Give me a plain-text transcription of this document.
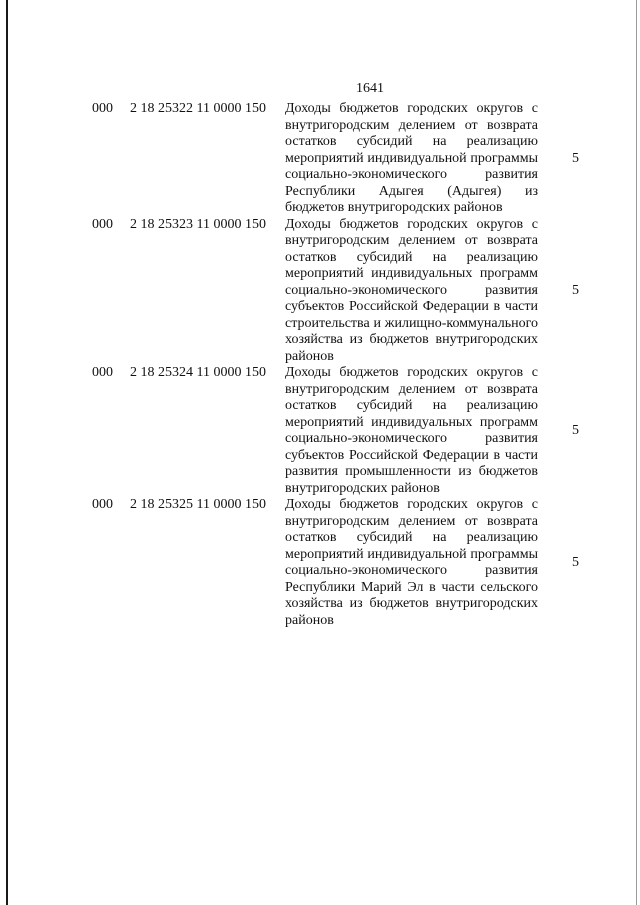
1641
000 2 18 25322 11 0000 150 Доходы бюджетов городских округов с внутригородским делением от возврата остатков субсидий на реализацию мероприятий индивидуальной программы социально-экономического развития Республики Адыгея (Адыгея) из бюджетов внутригородских районов
5
000 2 18 25323 11 0000 150 Доходы бюджетов городских округов с внутригородским делением от возврата остатков субсидий на реализацию мероприятий индивидуальных программ социально-экономического развития субъектов Российской Федерации в части строительства и жилищно-коммунального хозяйства из бюджетов внутригородских районов
5
000 2 18 25324 11 0000 150 Доходы бюджетов городских округов с внутригородским делением от возврата остатков субсидий на реализацию мероприятий индивидуальных программ социально-экономического развития субъектов Российской Федерации в части развития промышленности из бюджетов внутригородских районов
5
000 2 18 25325 11 0000 150 Доходы бюджетов городских округов с внутригородским делением от возврата остатков субсидий на реализацию мероприятий индивидуальной программы социально-экономического развития Республики Марий Эл в части сельского хозяйства из бюджетов внутригородских районов
5
